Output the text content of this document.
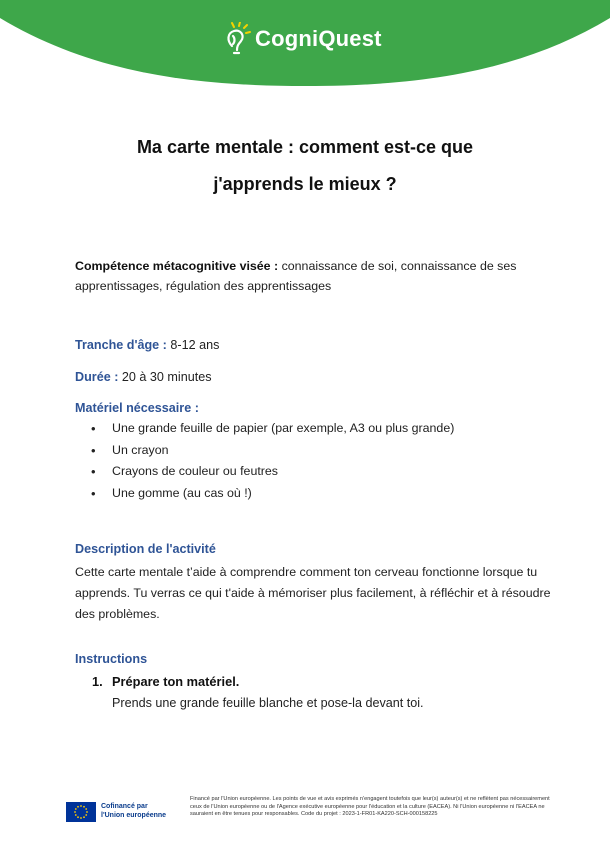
CogniQuest
Ma carte mentale : comment est-ce que
j'apprends le mieux ?
Compétence métacognitive visée : connaissance de soi, connaissance de ses apprentissages, régulation des apprentissages
Tranche d'âge : 8-12 ans
Durée : 20 à 30 minutes
Matériel nécessaire :
• Une grande feuille de papier (par exemple, A3 ou plus grande)
• Un crayon
• Crayons de couleur ou feutres
• Une gomme (au cas où !)
Description de l'activité
Cette carte mentale t’aide à comprendre comment ton cerveau fonctionne lorsque tu apprends. Tu verras ce qui t'aide à mémoriser plus facilement, à réfléchir et à résoudre des problèmes.
Instructions
1. Prépare ton matériel.
Prends une grande feuille blanche et pose-la devant toi.
Cofinancé par
l'Union européenne
Financé par l'Union européenne. Les points de vue et avis exprimés n'engagent toutefois que leur(s) auteur(s) et ne reflètent pas nécessairement ceux de l'Union européenne ou de l'Agence exécutive européenne pour l'éducation et la culture (EACEA). Ni l'Union européenne ni l'EACEA ne sauraient en être tenues pour responsables. Code du projet : 2023-1-FR01-KA220-SCH-000158225
